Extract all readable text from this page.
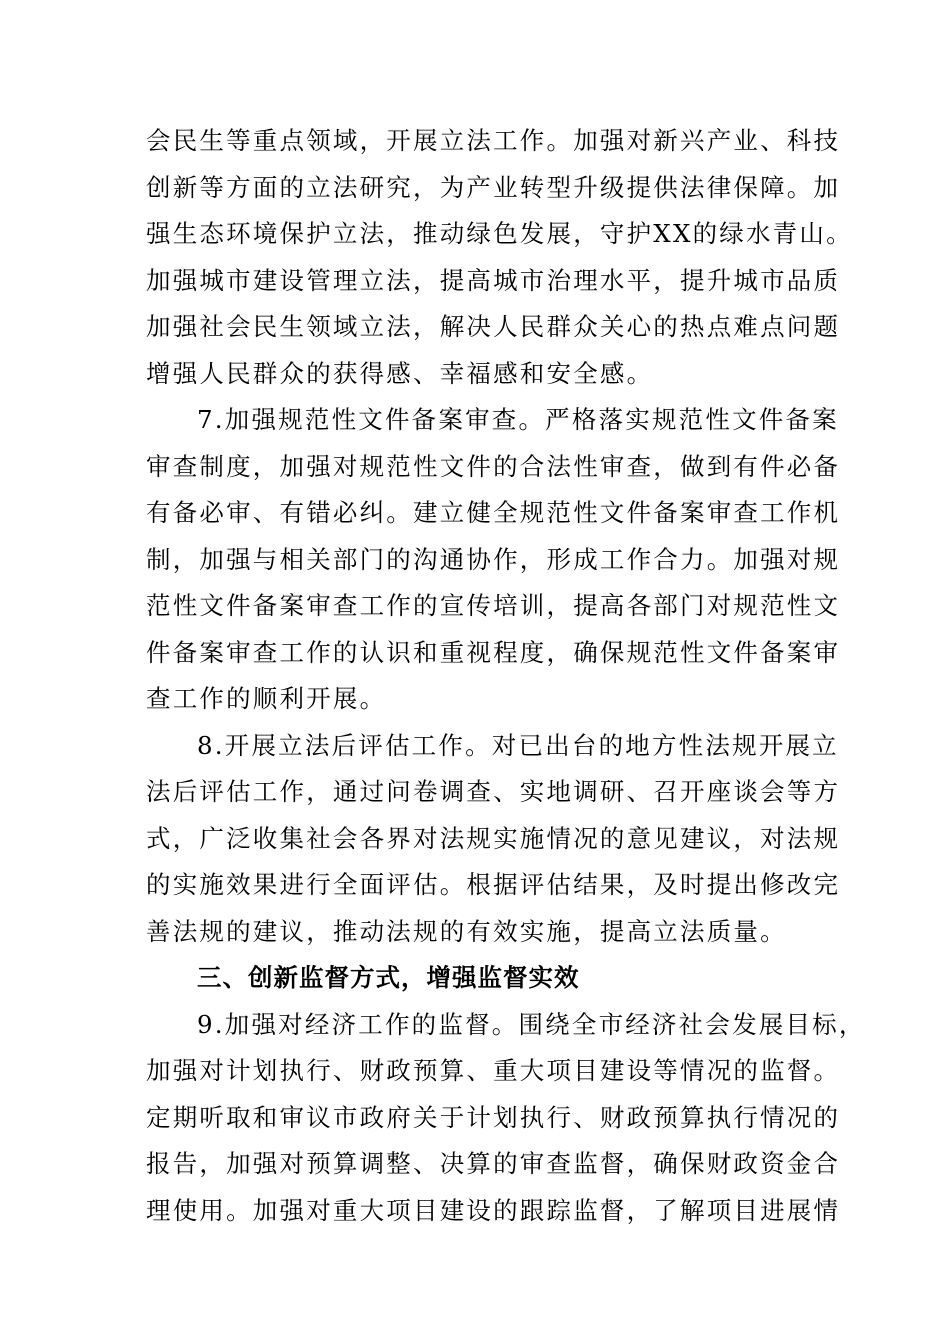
会民生等重点领域，开展立法工作。加强对新兴产业、科技
创新等方面的立法研究，为产业转型升级提供法律保障。加
强生态环境保护立法，推动绿色发展，守护XX的绿水青山。
加强城市建设管理立法，提高城市治理水平，提升城市品质
加强社会民生领域立法，解决人民群众关心的热点难点问题
增强人民群众的获得感、幸福感和安全感。
7.加强规范性文件备案审查。严格落实规范性文件备案
审查制度，加强对规范性文件的合法性审查，做到有件必备
有备必审、有错必纠。建立健全规范性文件备案审查工作机
制，加强与相关部门的沟通协作，形成工作合力。加强对规
范性文件备案审查工作的宣传培训，提高各部门对规范性文
件备案审查工作的认识和重视程度，确保规范性文件备案审
查工作的顺利开展。
8.开展立法后评估工作。对已出台的地方性法规开展立
法后评估工作，通过问卷调查、实地调研、召开座谈会等方
式，广泛收集社会各界对法规实施情况的意见建议，对法规
的实施效果进行全面评估。根据评估结果，及时提出修改完
善法规的建议，推动法规的有效实施，提高立法质量。
三、创新监督方式，增强监督实效
9.加强对经济工作的监督。围绕全市经济社会发展目标，
加强对计划执行、财政预算、重大项目建设等情况的监督。
定期听取和审议市政府关于计划执行、财政预算执行情况的
报告，加强对预算调整、决算的审查监督，确保财政资金合
理使用。加强对重大项目建设的跟踪监督，了解项目进展情
